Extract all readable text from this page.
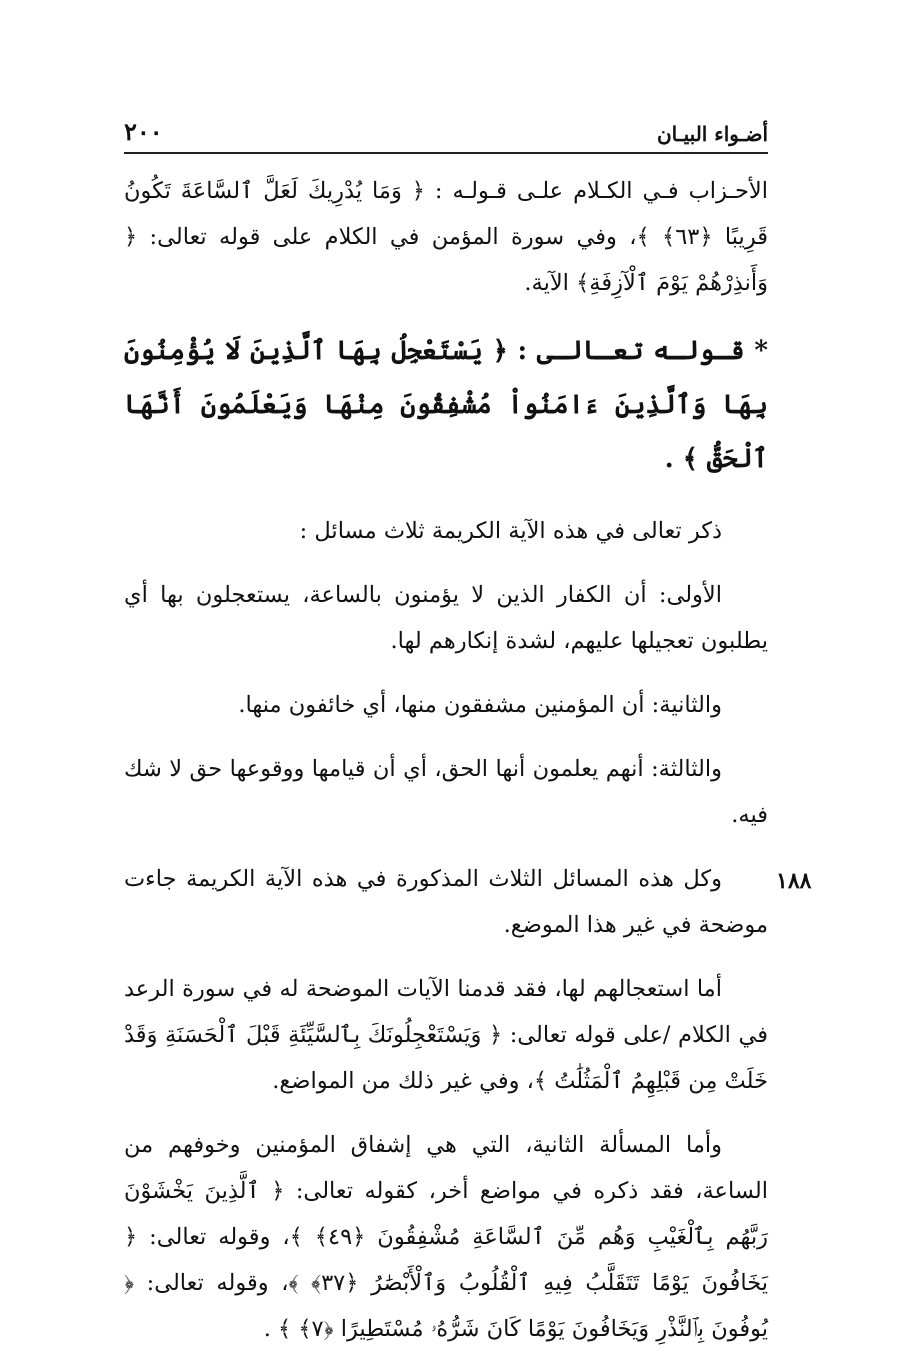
٢٠٠	أضـواء البيـان

الأحـزاب فـي الكـلام علـى قـولـه : ﴿ وَمَا يُدْرِيكَ لَعَلَّ ٱلسَّاعَةَ تَكُونُ قَرِيبًا ﴿٦٣﴾ ﴾، وفي سورة المؤمن في الكلام على قوله تعالى: ﴿ وَأَنذِرْهُمْ يَوْمَ ٱلْآزِفَةِ﴾ الآية.

* قـولـه تعـالـى : ﴿ يَسْتَعْجِلُ بِهَا ٱلَّذِينَ لَا يُؤْمِنُونَ بِهَا وَٱلَّذِينَ ءَامَنُواْ مُشْفِقُونَ مِنْهَا وَيَعْلَمُونَ أَنَّهَا ٱلْحَقُّ ﴾ .

ذكر تعالى في هذه الآية الكريمة ثلاث مسائل :

الأولى: أن الكفار الذين لا يؤمنون بالساعة، يستعجلون بها أي يطلبون تعجيلها عليهم، لشدة إنكارهم لها.

والثانية: أن المؤمنين مشفقون منها، أي خائفون منها.

والثالثة: أنهم يعلمون أنها الحق، أي أن قيامها ووقوعها حق لا شك فيه.

وكل هذه المسائل الثلاث المذكورة في هذه الآية الكريمة جاءت موضحة في غير هذا الموضع.

أما استعجالهم لها، فقد قدمنا الآيات الموضحة له في سورة الرعد في الكلام /على قوله تعالى: ﴿ وَيَسْتَعْجِلُونَكَ بِٱلسَّيِّئَةِ قَبْلَ ٱلْحَسَنَةِ وَقَدْ خَلَتْ مِن قَبْلِهِمُ ٱلْمَثُلَٰتُ ﴾، وفي غير ذلك من المواضع.

وأما المسألة الثانية، التي هي إشفاق المؤمنين وخوفهم من الساعة، فقد ذكره في مواضع أخر، كقوله تعالى: ﴿ ٱلَّذِينَ يَخْشَوْنَ رَبَّهُم بِٱلْغَيْبِ وَهُم مِّنَ ٱلسَّاعَةِ مُشْفِقُونَ ﴿٤٩﴾ ﴾، وقوله تعالى: ﴿ يَخَافُونَ يَوْمًا تَتَقَلَّبُ فِيهِ ٱلْقُلُوبُ وَٱلْأَبْصَٰرُ ﴿٣٧﴾ ﴾، وقوله تعالى: ﴿ يُوفُونَ بِٱلنَّذْرِ وَيَخَافُونَ يَوْمًا كَانَ شَرُّهُۥ مُسْتَطِيرًا ﴿٧﴾ ﴾ .

١٨٨
